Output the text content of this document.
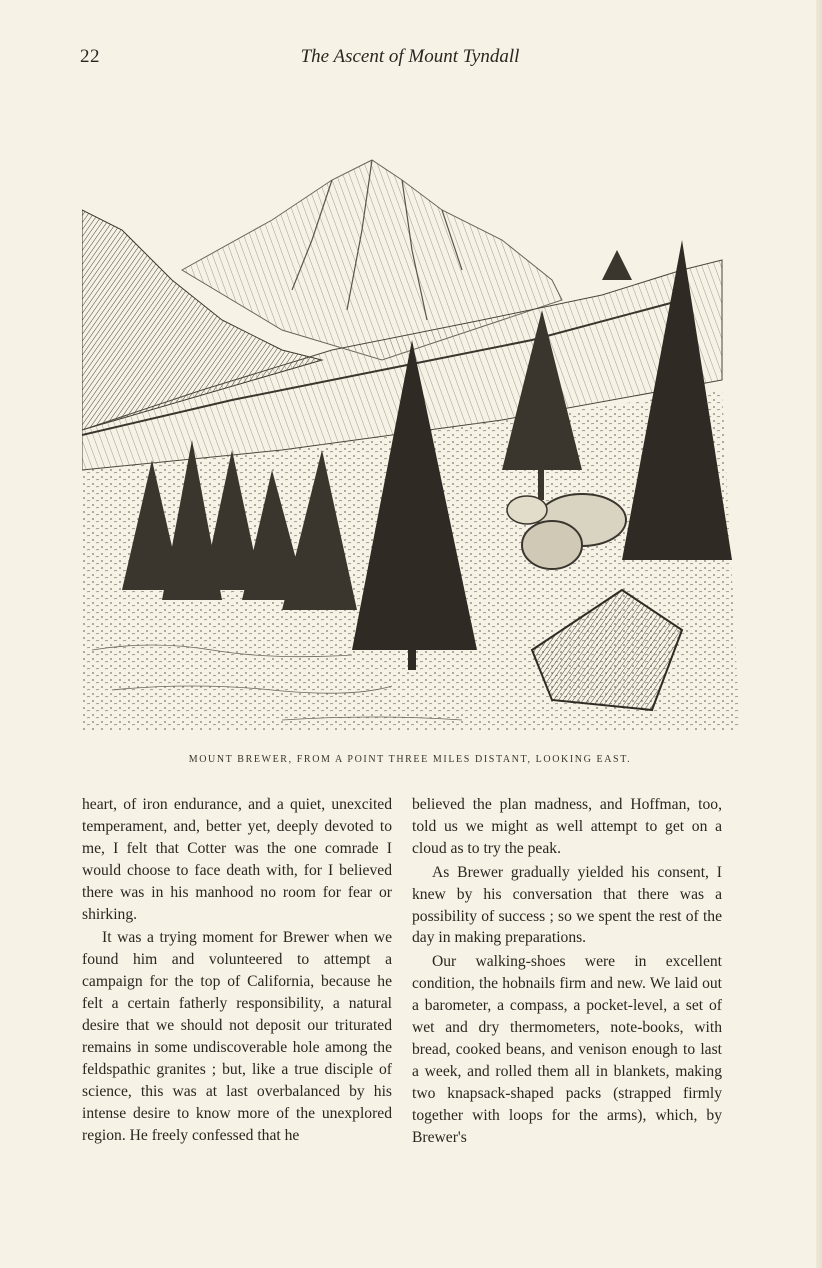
22	The Ascent of Mount Tyndall
MOUNT BREWER, FROM A POINT THREE MILES DISTANT, LOOKING EAST.

heart, of iron endurance, and a quiet, unexcited temperament, and, better yet, deeply devoted to me, I felt that Cotter was the one comrade I would choose to face death with, for I believed there was in his manhood no room for fear or shirking.

It was a trying moment for Brewer when we found him and volunteered to attempt a campaign for the top of California, because he felt a certain fatherly responsibility, a natural desire that we should not deposit our triturated remains in some undiscoverable hole among the feldspathic granites ; but, like a true disciple of science, this was at last overbalanced by his intense desire to know more of the unexplored region. He freely confessed that he

believed the plan madness, and Hoffman, too, told us we might as well attempt to get on a cloud as to try the peak.

As Brewer gradually yielded his consent, I knew by his conversation that there was a possibility of success ; so we spent the rest of the day in making preparations.

Our walking-shoes were in excellent condition, the hobnails firm and new. We laid out a barometer, a compass, a pocket-level, a set of wet and dry thermometers, note-books, with bread, cooked beans, and venison enough to last a week, and rolled them all in blankets, making two knapsack-shaped packs (strapped firmly together with loops for the arms), which, by Brewer's
